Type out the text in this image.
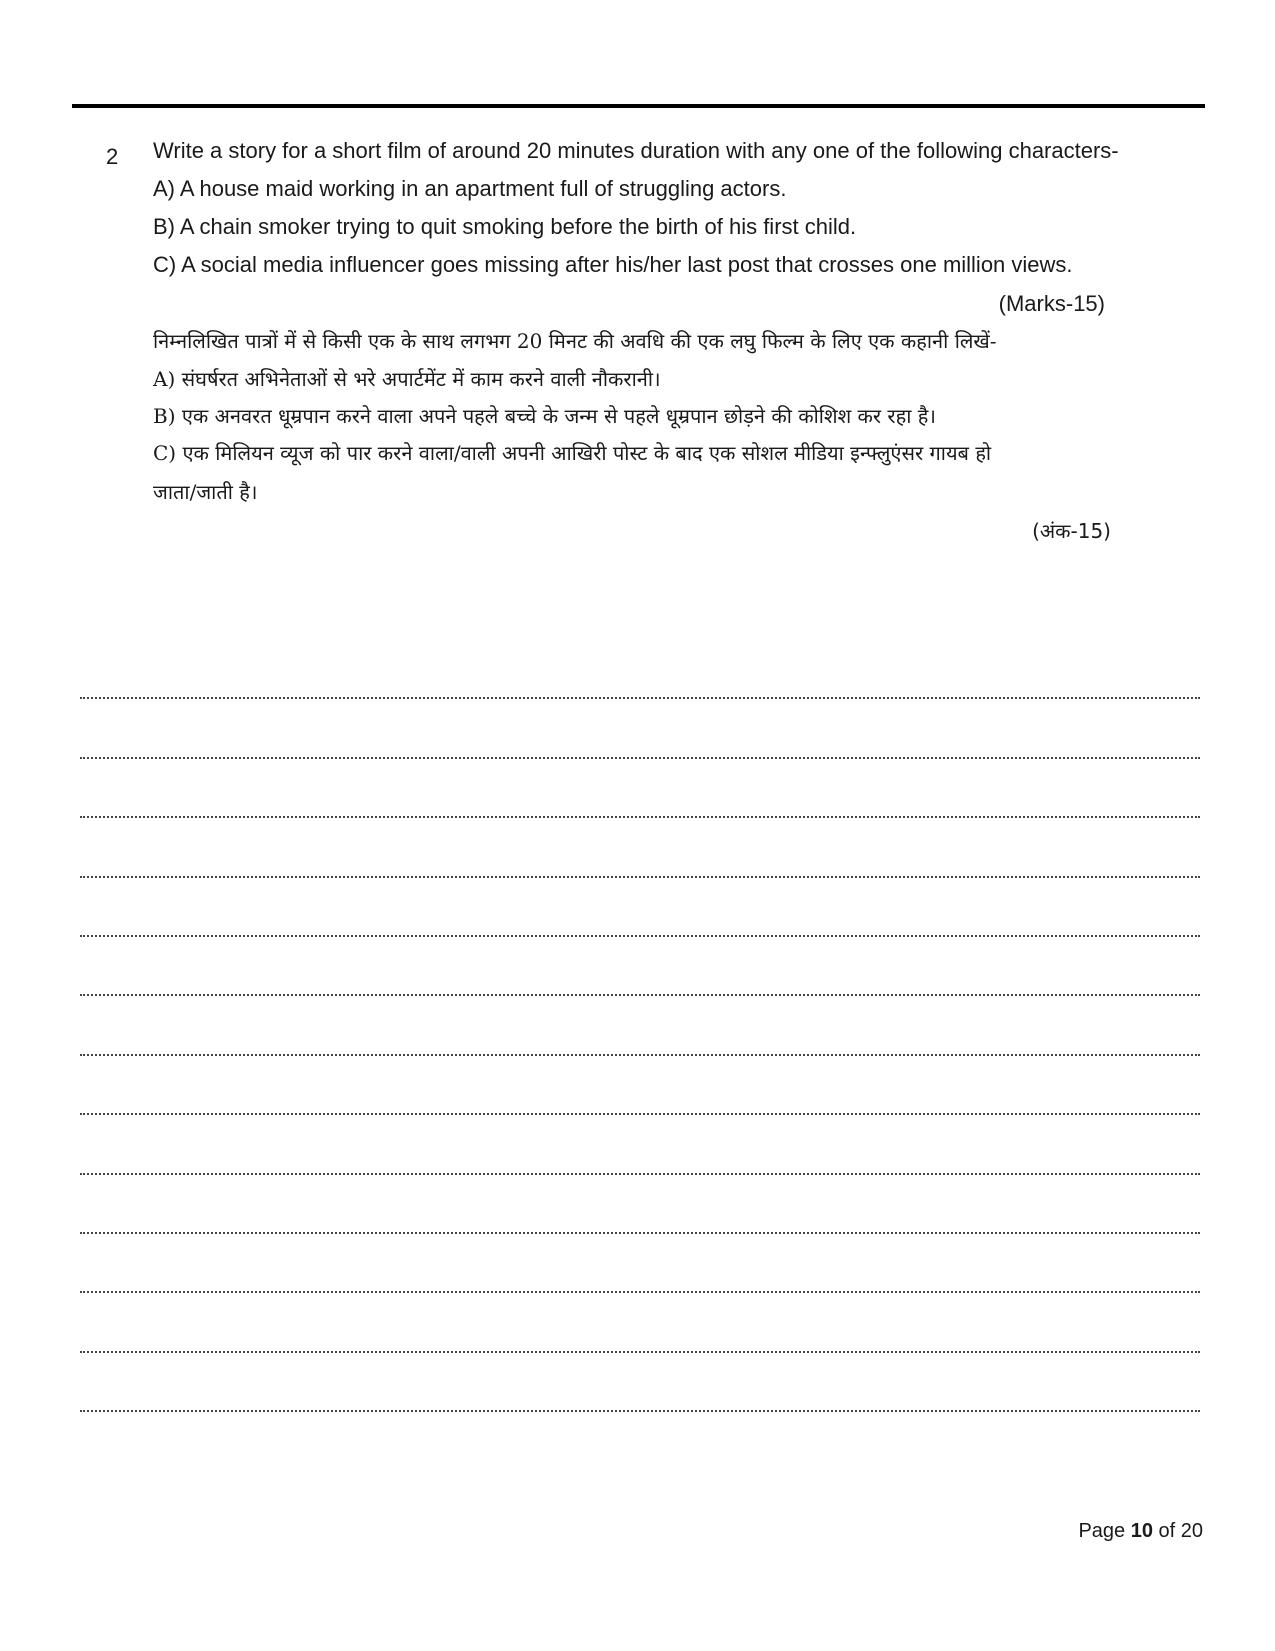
2 Write a story for a short film of around 20 minutes duration with any one of the following characters-
A) A house maid working in an apartment full of struggling actors.
B) A chain smoker trying to quit smoking before the birth of his first child.
C) A social media influencer goes missing after his/her last post that crosses one million views.
(Marks-15)
निम्नलिखित पात्रों में से किसी एक के साथ लगभग 20 मिनट की अवधि की एक लघु फिल्म के लिए एक कहानी लिखें-
A) संघर्षरत अभिनेताओं से भरे अपार्टमेंट में काम करने वाली नौकरानी।
B) एक अनवरत धूम्रपान करने वाला अपने पहले बच्चे के जन्म से पहले धूम्रपान छोड़ने की कोशिश कर रहा है।
C) एक मिलियन व्यूज को पार करने वाला/वाली अपनी आखिरी पोस्ट के बाद एक सोशल मीडिया इन्फ्लुएंसर गायब हो
जाता/जाती है।
(अंक-15)
Page 10 of 20
